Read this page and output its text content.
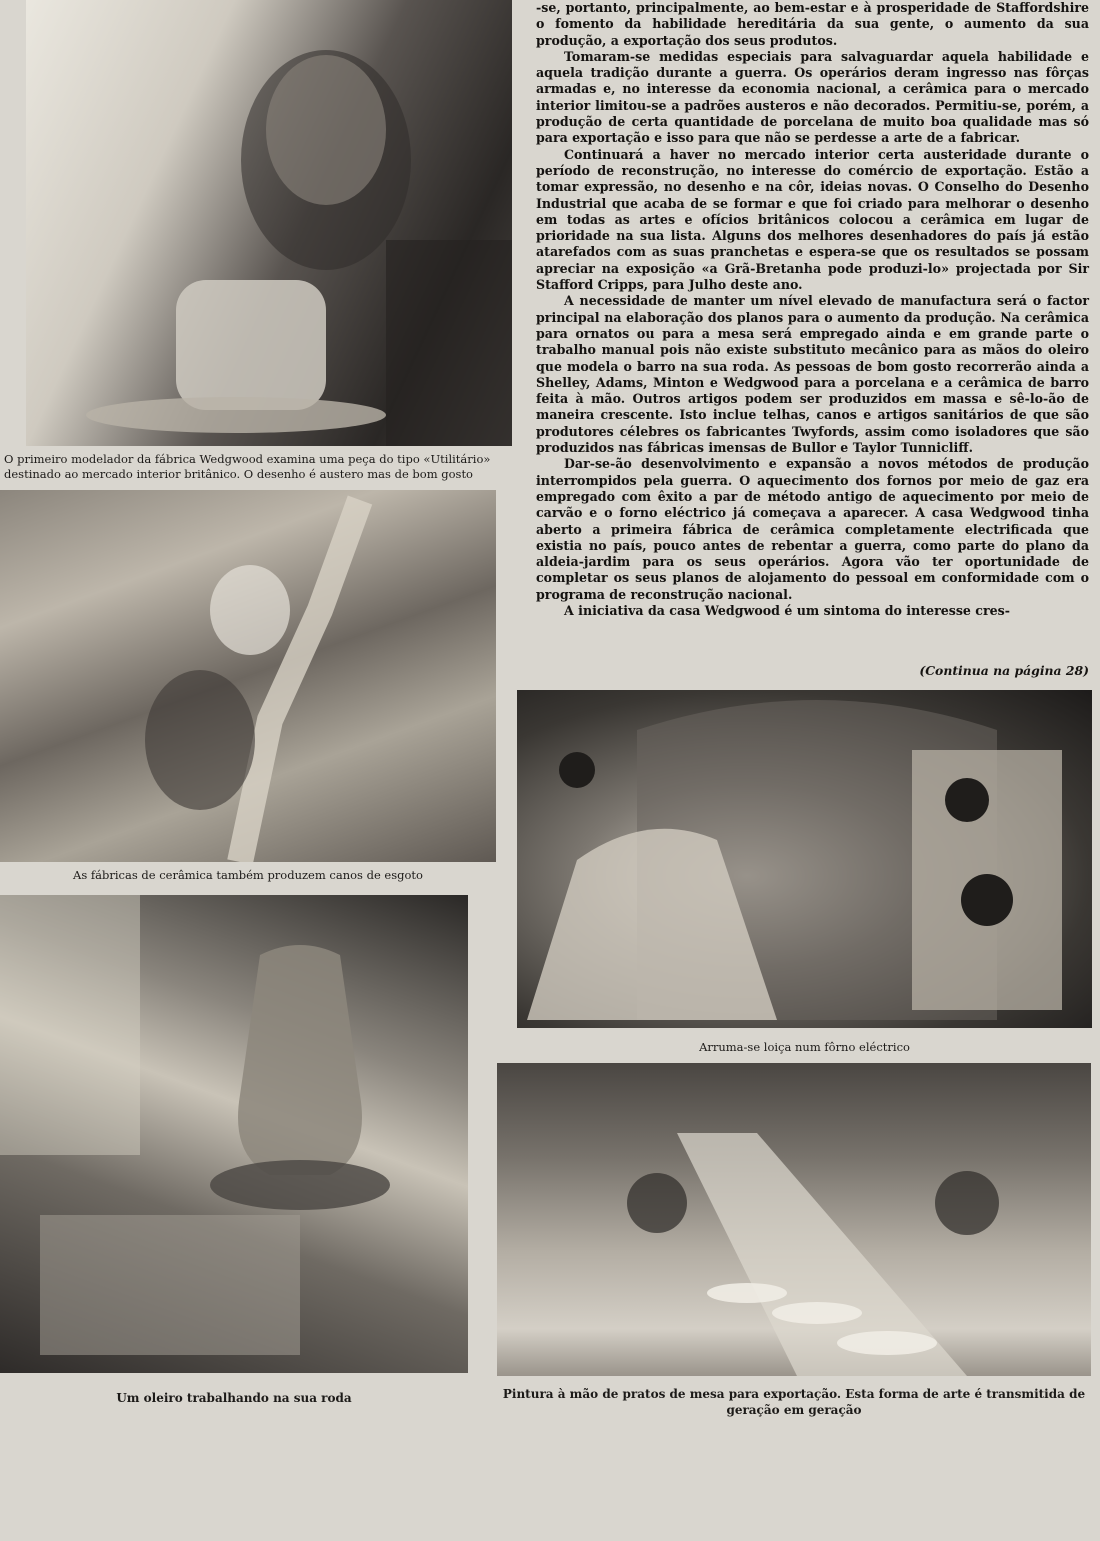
O primeiro modelador da fábrica Wedgwood examina uma peça do tipo «Utilitário» destinado ao mercado interior britânico. O desenho é austero mas de bom gosto
As fábricas de cerâmica também produzem canos de esgoto

-se, portanto, principalmente, ao bem-estar e à prosperidade de Staffordshire o fomento da habilidade hereditária da sua gente, o aumento da sua produção, a exportação dos seus produtos.

Tomaram-se medidas especiais para salvaguardar aquela habilidade e aquela tradição durante a guerra. Os operários deram ingresso nas fôrças armadas e, no interesse da economia nacional, a cerâmica para o mercado interior limitou-se a padrões austeros e não decorados. Permitiu-se, porém, a produção de certa quantidade de porcelana de muito boa qualidade mas só para exportação e isso para que não se perdesse a arte de a fabricar.

Continuará a haver no mercado interior certa austeridade durante o período de reconstrução, no interesse do comércio de exportação. Estão a tomar expressão, no desenho e na côr, ideias novas. O Conselho do Desenho Industrial que acaba de se formar e que foi criado para melhorar o desenho em todas as artes e ofícios britânicos colocou a cerâmica em lugar de prioridade na sua lista. Alguns dos melhores desenhadores do país já estão atarefados com as suas pranchetas e espera-se que os resultados se possam apreciar na exposição «a Grã-Bretanha pode produzi-lo» projectada por Sir Stafford Cripps, para Julho deste ano.

A necessidade de manter um nível elevado de manufactura será o factor principal na elaboração dos planos para o aumento da produção. Na cerâmica para ornatos ou para a mesa será empregado ainda e em grande parte o trabalho manual pois não existe substituto mecânico para as mãos do oleiro que modela o barro na sua roda. As pessoas de bom gosto recorrerão ainda a Shelley, Adams, Minton e Wedgwood para a porcelana e a cerâmica de barro feita à mão. Outros artigos podem ser produzidos em massa e sê-lo-ão de maneira crescente. Isto inclue telhas, canos e artigos sanitários de que são produtores célebres os fabricantes Twyfords, assim como isoladores que são produzidos nas fábricas imensas de Bullor e Taylor Tunnicliff.

Dar-se-ão desenvolvimento e expansão a novos métodos de produção interrompidos pela guerra. O aquecimento dos fornos por meio de gaz era empregado com êxito a par de método antigo de aquecimento por meio de carvão e o forno eléctrico já começava a aparecer. A casa Wedgwood tinha aberto a primeira fábrica de cerâmica completamente electrificada que existia no país, pouco antes de rebentar a guerra, como parte do plano da aldeia-jardim para os seus operários. Agora vão ter oportunidade de completar os seus planos de alojamento do pessoal em conformidade com o programa de reconstrução nacional.

A iniciativa da casa Wedgwood é um sintoma do interesse cres-

(Continua na página 28)
Arruma-se loiça num fôrno eléctrico
Um oleiro trabalhando na sua roda	Pintura à mão de pratos de mesa para exportação. Esta forma de arte é transmitida de geração em geração
